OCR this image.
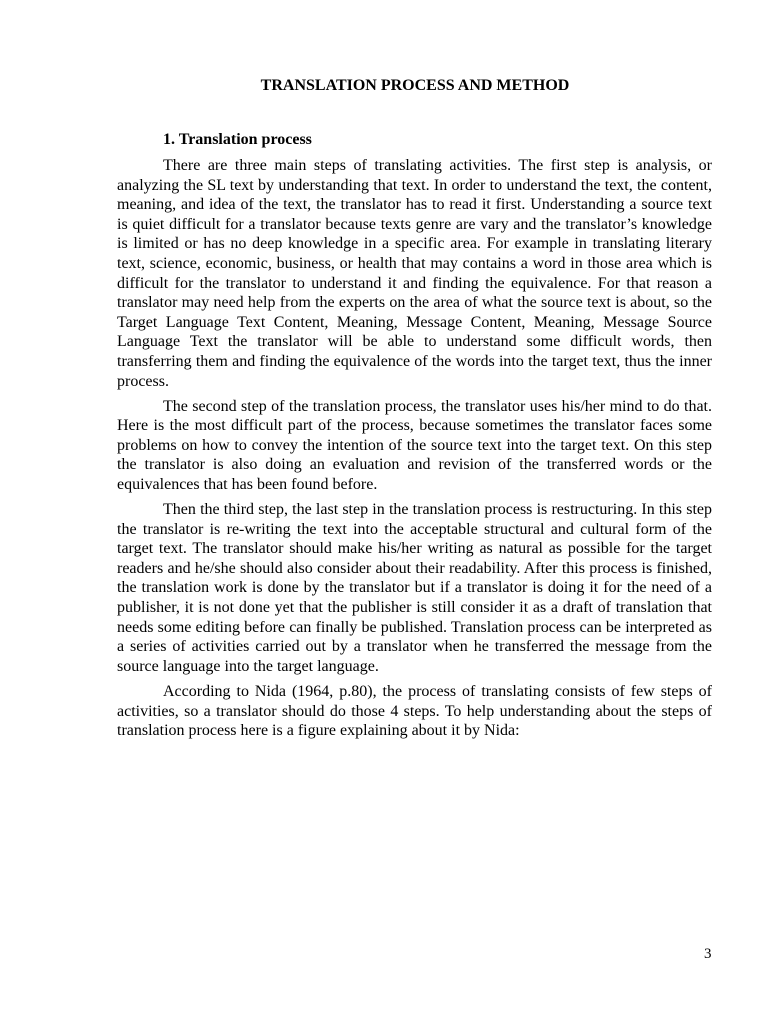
TRANSLATION PROCESS AND METHOD
1. Translation process

There are three main steps of translating activities. The first step is analysis, or analyzing the SL text by understanding that text. In order to understand the text, the content, meaning, and idea of the text, the translator has to read it first. Understanding a source text is quiet difficult for a translator because texts genre are vary and the translator’s knowledge is limited or has no deep knowledge in a specific area. For example in translating literary text, science, economic, business, or health that may contains a word in those area which is difficult for the translator to understand it and finding the equivalence. For that reason a translator may need help from the experts on the area of what the source text is about, so the Target Language Text Content, Meaning, Message Content, Meaning, Message Source Language Text the translator will be able to understand some difficult words, then transferring them and finding the equivalence of the words into the target text, thus the inner process.

The second step of the translation process, the translator uses his/her mind to do that. Here is the most difficult part of the process, because sometimes the translator faces some problems on how to convey the intention of the source text into the target text. On this step the translator is also doing an evaluation and revision of the transferred words or the equivalences that has been found before.

Then the third step, the last step in the translation process is restructuring. In this step the translator is re-writing the text into the acceptable structural and cultural form of the target text. The translator should make his/her writing as natural as possible for the target readers and he/she should also consider about their readability. After this process is finished, the translation work is done by the translator but if a translator is doing it for the need of a publisher, it is not done yet that the publisher is still consider it as a draft of translation that needs some editing before can finally be published. Translation process can be interpreted as a series of activities carried out by a translator when he transferred the message from the source language into the target language.

According to Nida (1964, p.80), the process of translating consists of few steps of activities, so a translator should do those 4 steps. To help understanding about the steps of translation process here is a figure explaining about it by Nida:

3
